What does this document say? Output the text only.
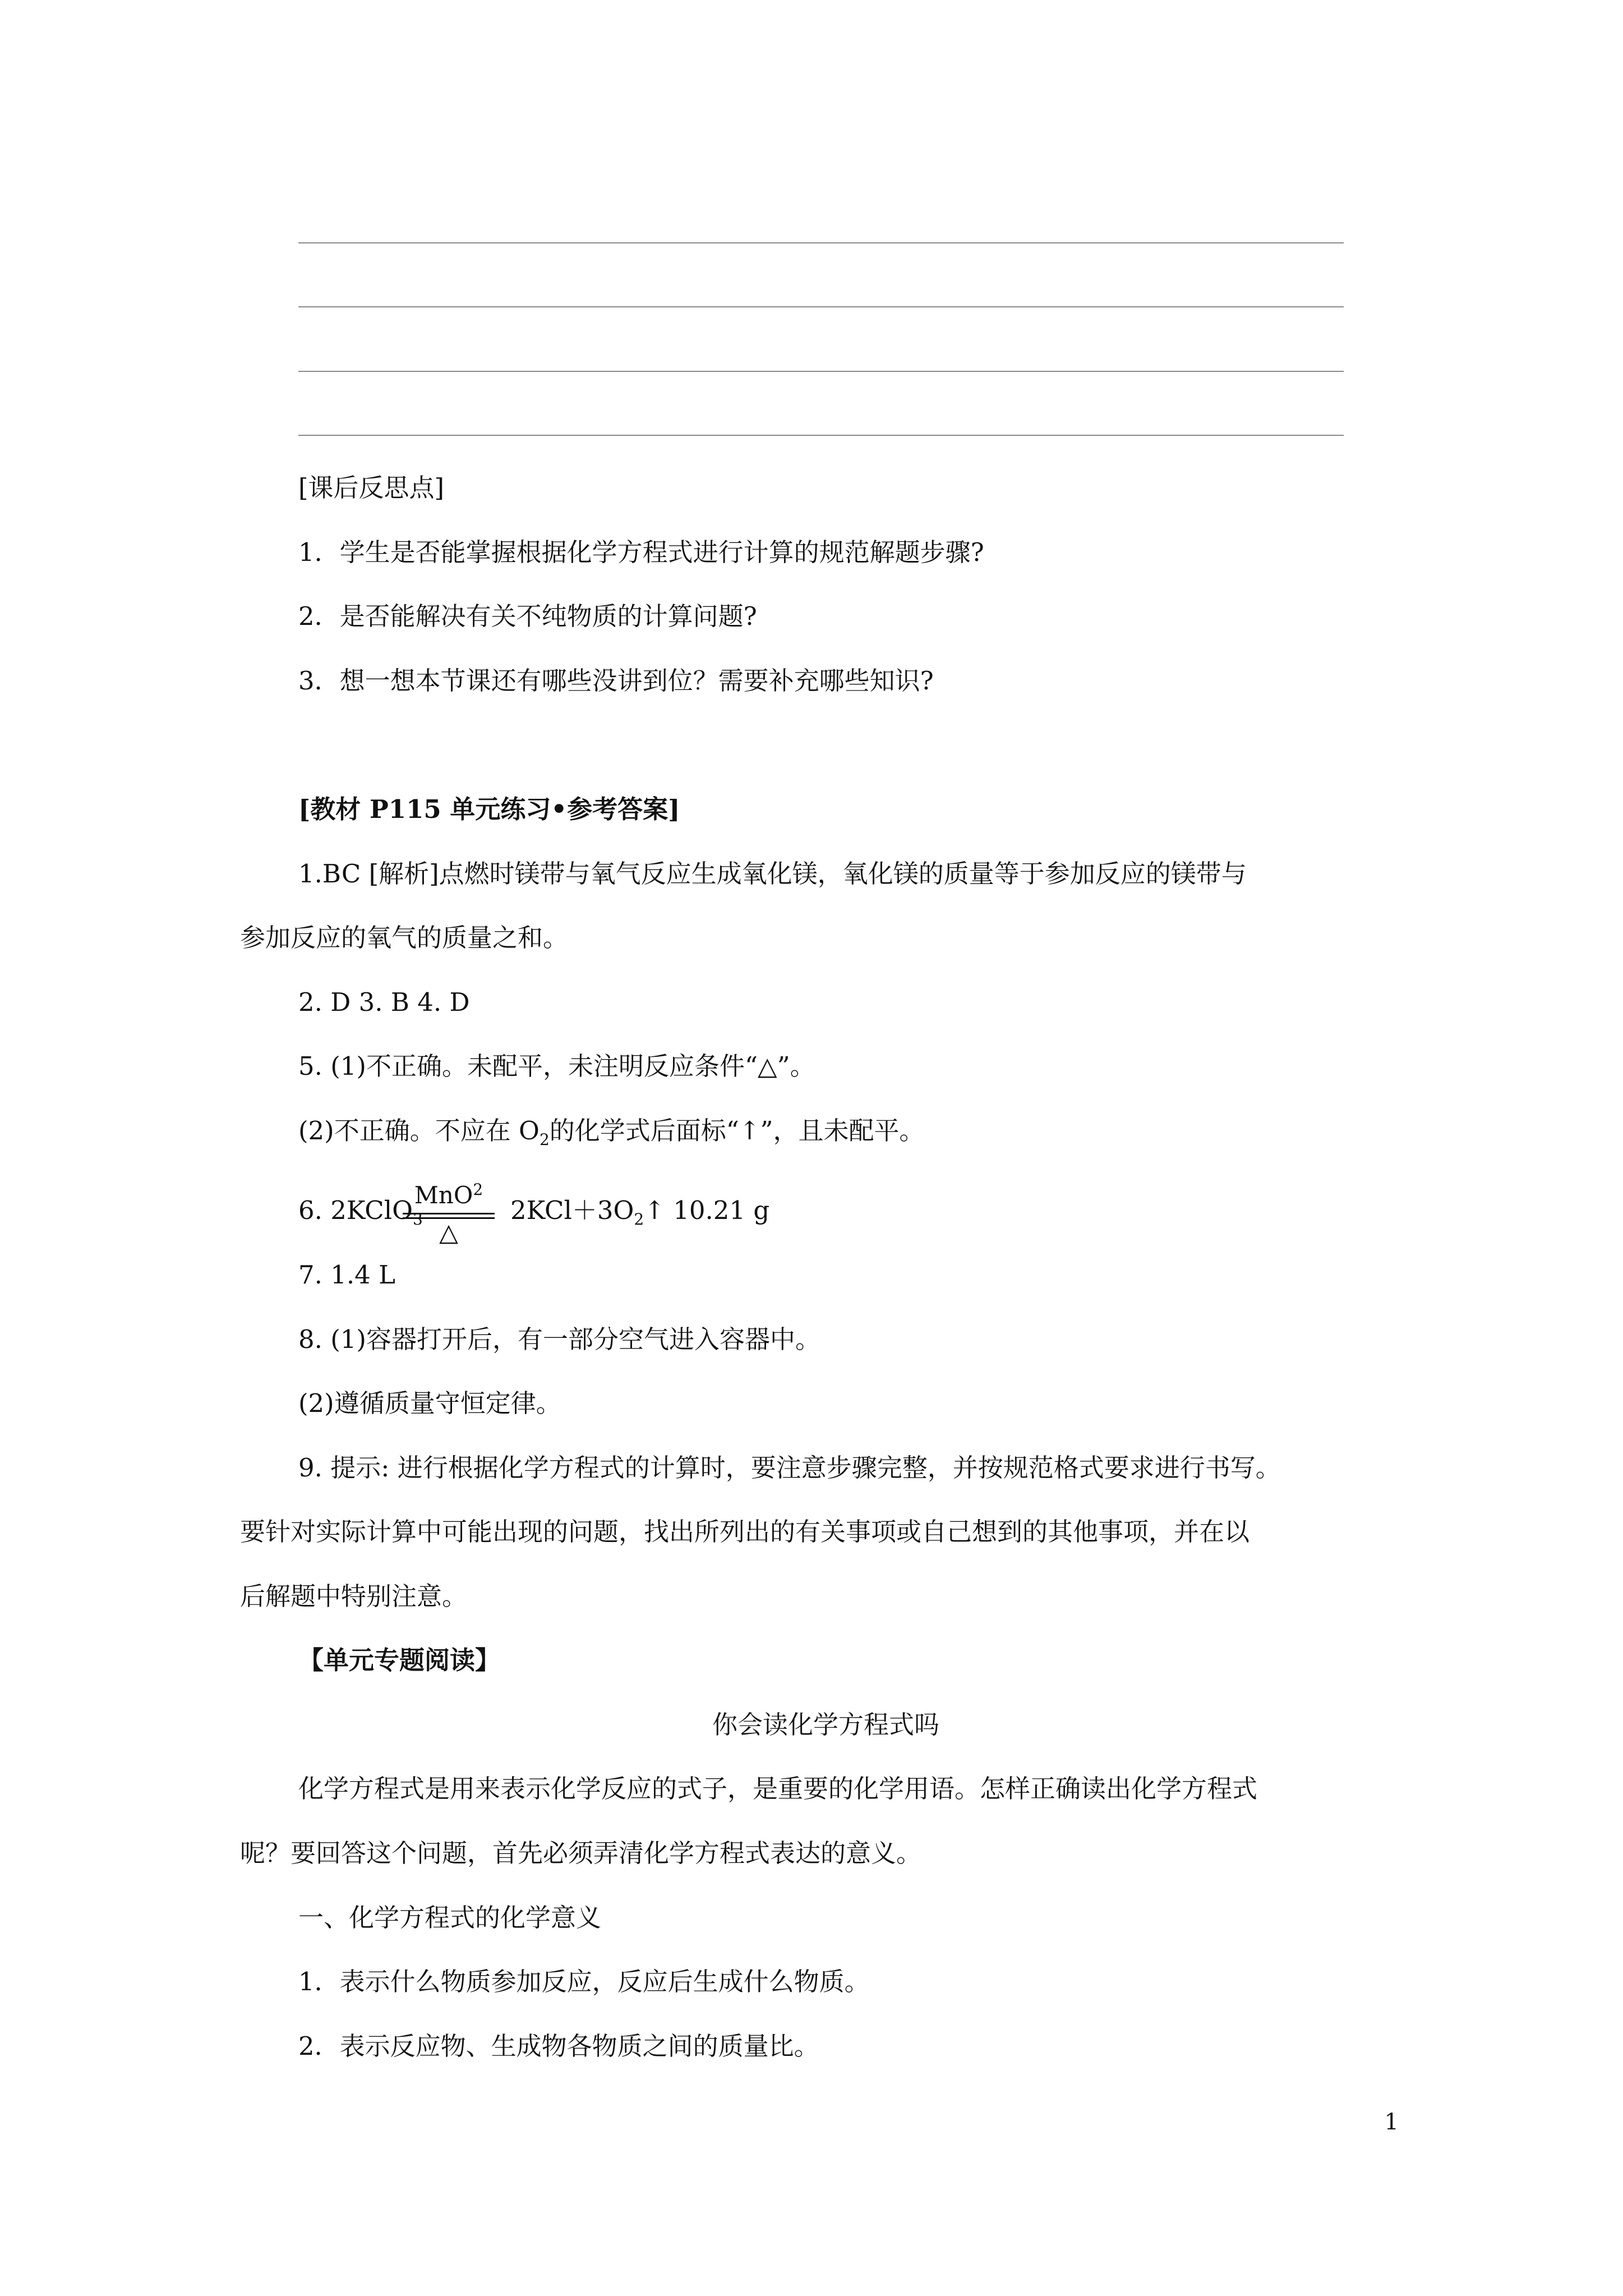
[课后反思点]
1．学生是否能掌握根据化学方程式进行计算的规范解题步骤?
2．是否能解决有关不纯物质的计算问题?
3．想一想本节课还有哪些没讲到位？需要补充哪些知识?
[教材 P115 单元练习•参考答案]
1.BC [解析]点燃时镁带与氧气反应生成氧化镁，氧化镁的质量等于参加反应的镁带与
参加反应的氧气的质量之和。
2. D 3. B 4. D
5. (1)不正确。未配平，未注明反应条件“△”。
(2)不正确。不应在 $O_2$的化学式后面标“↑”，且未配平。
6. 2KClO$_3$
MnO$^2$
△
$2KCl+3O_2↑$ 10.21 g
7. 1.4 L
8. (1)容器打开后，有一部分空气进入容器中。
(2)遵循质量守恒定律。
9. 提示: 进行根据化学方程式的计算时，要注意步骤完整，并按规范格式要求进行书写。
要针对实际计算中可能出现的问题，找出所列出的有关事项或自己想到的其他事项，并在以
后解题中特别注意。
【单元专题阅读】
你会读化学方程式吗
化学方程式是用来表示化学反应的式子，是重要的化学用语。怎样正确读出化学方程式
呢？要回答这个问题，首先必须弄清化学方程式表达的意义。
一、化学方程式的化学意义
1．表示什么物质参加反应，反应后生成什么物质。
2．表示反应物、生成物各物质之间的质量比。
1
